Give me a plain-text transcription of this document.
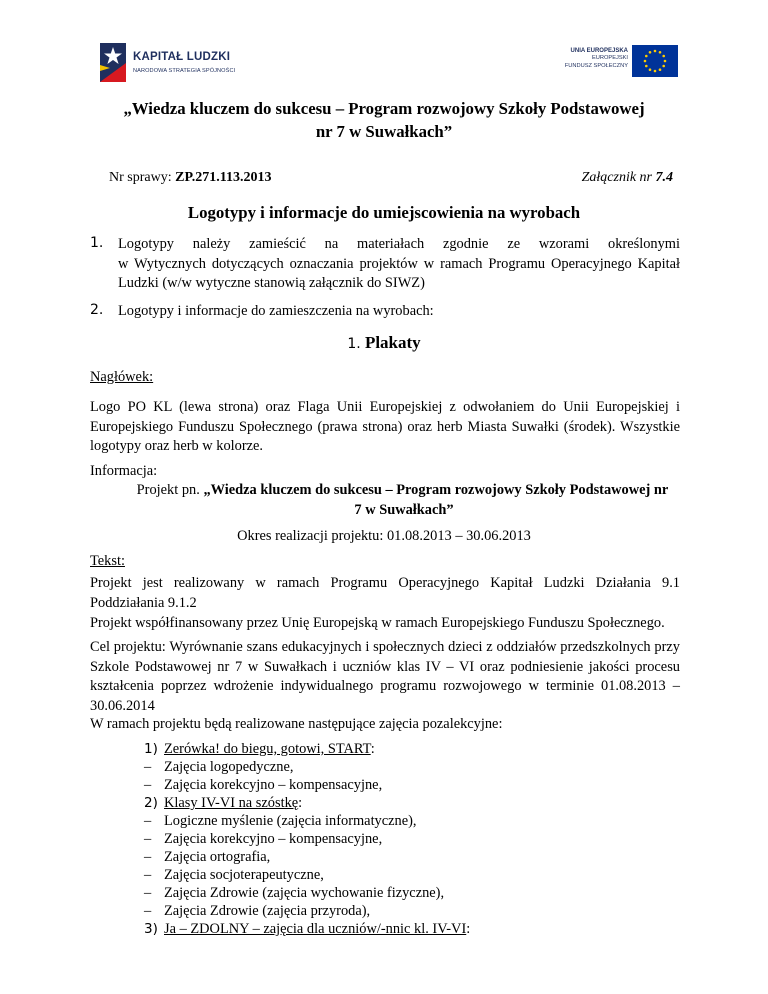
KAPITAŁ LUDZKI
NARODOWA STRATEGIA SPÓJNOŚCI
UNIA EUROPEJSKA
EUROPEJSKI
FUNDUSZ SPOŁECZNY
„Wiedza kluczem do sukcesu – Program rozwojowy Szkoły Podstawowej
nr 7 w Suwałkach”
Nr sprawy: ZP.271.113.2013	Załącznik nr 7.4
Logotypy i informacje do umiejscowienia na wyrobach
1. Logotypy należy zamieścić na materiałach zgodnie ze wzorami określonymi
w Wytycznych dotyczących oznaczania projektów w ramach Programu Operacyjnego Kapitał Ludzki (w/w wytyczne stanowią załącznik do SIWZ)
2. Logotypy i informacje do zamieszczenia na wyrobach:
1. Plakaty
Nagłówek:
Logo PO KL (lewa strona) oraz Flaga Unii Europejskiej z odwołaniem do Unii Europejskiej i Europejskiego Funduszu Społecznego (prawa strona) oraz herb Miasta Suwałki (środek). Wszystkie logotypy oraz herb w kolorze.
Informacja:
Projekt pn. „Wiedza kluczem do sukcesu – Program rozwojowy Szkoły Podstawowej nr
7 w Suwałkach”
Okres realizacji projektu: 01.08.2013 – 30.06.2013
Tekst:
Projekt jest realizowany w ramach Programu Operacyjnego Kapitał Ludzki Działania 9.1 Poddziałania 9.1.2
Projekt współfinansowany przez Unię Europejską w ramach Europejskiego Funduszu Społecznego.
Cel projektu: Wyrównanie szans edukacyjnych i społecznych dzieci z oddziałów przedszkolnych przy Szkole Podstawowej nr 7 w Suwałkach i uczniów klas IV – VI oraz podniesienie jakości procesu kształcenia poprzez wdrożenie indywidualnego programu rozwojowego w terminie 01.08.2013 – 30.06.2014
W ramach projektu będą realizowane następujące zajęcia pozalekcyjne:
1) Zerówka! do biegu, gotowi, START:
– Zajęcia logopedyczne,
– Zajęcia korekcyjno – kompensacyjne,
2) Klasy IV-VI na szóstkę:
– Logiczne myślenie (zajęcia informatyczne),
– Zajęcia korekcyjno – kompensacyjne,
– Zajęcia ortografia,
– Zajęcia socjoterapeutyczne,
– Zajęcia Zdrowie (zajęcia wychowanie fizyczne),
– Zajęcia Zdrowie (zajęcia przyroda),
3) Ja – ZDOLNY – zajęcia dla uczniów/-nnic kl. IV-VI:
